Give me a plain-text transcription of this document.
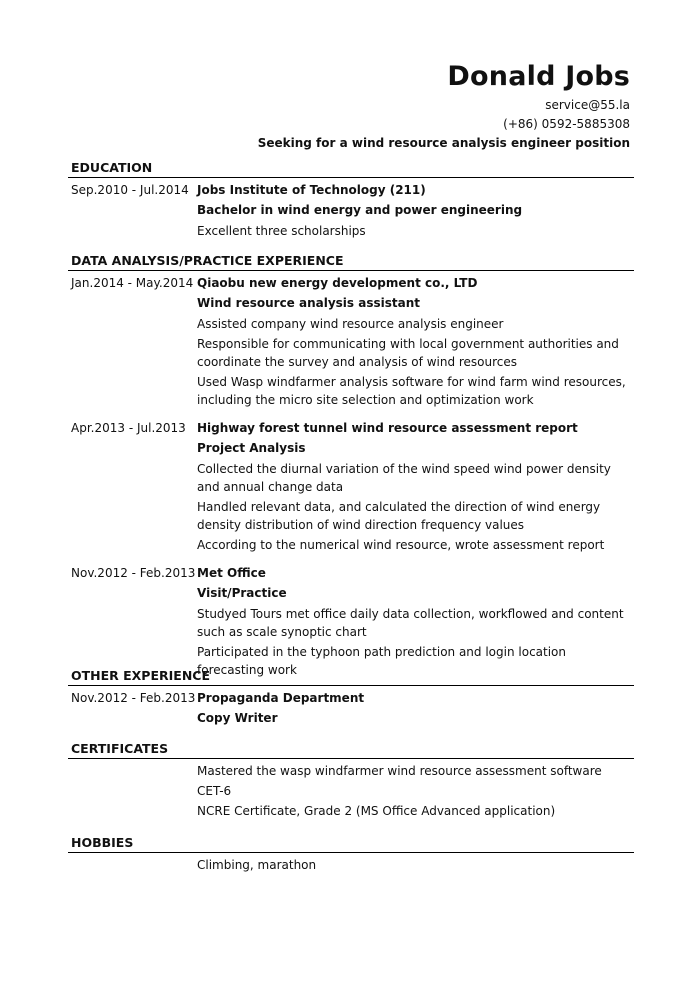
Donald Jobs
service@55.la
(+86) 0592-5885308
Seeking for a wind resource analysis engineer position
EDUCATION
Sep.2010 - Jul.2014 Jobs Institute of Technology (211)
Bachelor in wind energy and power engineering
Excellent three scholarships
DATA ANALYSIS/PRACTICE EXPERIENCE
Jan.2014 - May.2014 Qiaobu new energy development co., LTD
Wind resource analysis assistant
Assisted company wind resource analysis engineer
Responsible for communicating with local government authorities and coordinate the survey and analysis of wind resources
Used Wasp windfarmer analysis software for wind farm wind resources, including the micro site selection and optimization work
Apr.2013 - Jul.2013 Highway forest tunnel wind resource assessment report
Project Analysis
Collected the diurnal variation of the wind speed wind power density and annual change data
Handled relevant data, and calculated the direction of wind energy density distribution of wind direction frequency values
According to the numerical wind resource, wrote assessment report
Nov.2012 - Feb.2013 Met Office
Visit/Practice
Studyed Tours met office daily data collection, workflowed and content such as scale synoptic chart
Participated in the typhoon path prediction and login location forecasting work
OTHER EXPERIENCE
Nov.2012 - Feb.2013 Propaganda Department
Copy Writer
CERTIFICATES
Mastered the wasp windfarmer wind resource assessment software
CET-6
NCRE Certificate, Grade 2 (MS Office Advanced application)
HOBBIES
Climbing, marathon
